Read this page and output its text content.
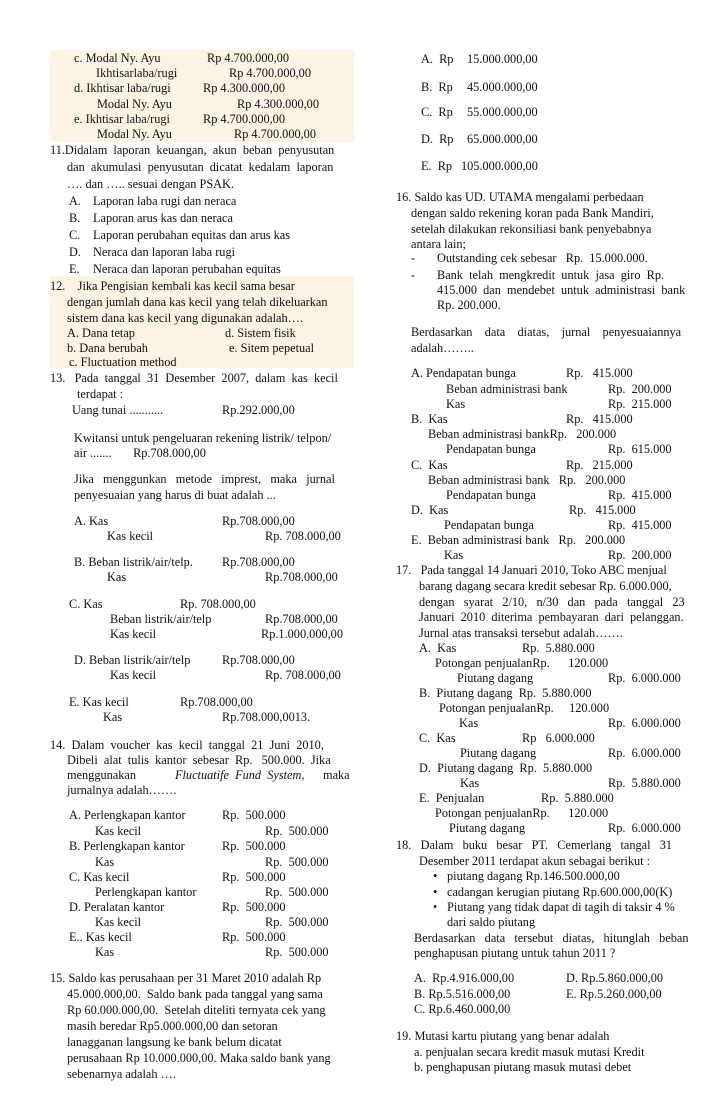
c. Modal Ny. Ayu	Rp 4.700.000,00
Ikhtisarlaba/rugi	Rp 4.700.000,00
d. Ikhtisar laba/rugi	Rp 4.300.000,00
Modal Ny. Ayu	Rp 4.300.000,00
e. Ikhtisar laba/rugi	Rp 4.700.000,00
Modal Ny. Ayu	Rp 4.700.000,00
11.Didalam  laporan  keuangan,  akun  beban  penyusutan
dan  akumulasi  penyusutan  dicatat  kedalam  laporan
…. dan ….. sesuai dengan PSAK.
A. Laporan laba rugi dan neraca
B. Laporan arus kas dan neraca
C. Laporan perubahan equitas dan arus kas
D. Neraca dan laporan laba rugi
E. Neraca dan laporan perubahan equitas
12.    Jika Pengisian kembali kas kecil sama besar
dengan jumlah dana kas kecil yang telah dikeluarkan
sistem dana kas kecil yang digunakan adalah….
A. Dana tetap	d. Sistem fisik
b. Dana berubah	e. Sitem pepetual
c. Fluctuation method
13.   Pada  tanggal  31  Desember  2007,  dalam  kas  kecil
terdapat :
Uang tunai ...........	Rp.292.000,00
Kwitansi untuk pengeluaran rekening listrik/ telpon/
air .......       Rp.708.000,00
Jika   menggunkan   metode   imprest,   maka   jurnal
penyesuaian yang harus di buat adalah ...
A. Kas	Rp.708.000,00
Kas kecil	Rp. 708.000,00
B. Beban listrik/air/telp. Rp.708.000,00
Kas	Rp.708.000,00
C. Kas	Rp. 708.000,00
Beban listrik/air/telp	Rp.708.000,00
Kas kecil	Rp.1.000.000,00
D. Beban listrik/air/telp	Rp.708.000,00
Kas kecil	Rp. 708.000,00
E. Kas kecil	Rp.708.000,00
Kas	Rp.708.000,0013.
14.  Dalam  voucher  kas  kecil  tanggal  21  Juni  2010,
Dibeli  alat  tulis  kantor  sebesar  Rp.   500.000.  Jika
menggunakan	Fluctuatife  Fund  System, maka
jurnalnya adalah…….
A. Perlengkapan kantor	Rp.  500.000
Kas kecil	Rp.  500.000
B. Perlengkapan kantor	Rp.  500.000
Kas	Rp.  500.000
C. Kas kecil	Rp.  500.000
Perlengkapan kantor	Rp.  500.000
D. Peralatan kantor	Rp.  500.000
Kas kecil	Rp.  500.000
E.. Kas kecil	Rp.  500.000
Kas	Rp.  500.000
15. Saldo kas perusahaan per 31 Maret 2010 adalah Rp
45.000.000,00.  Saldo bank pada tanggal yang sama
Rp 60.000.000,00.  Setelah diteliti ternyata cek yang
masih beredar Rp5.000.000,00 dan setoran
lanagganan langsung ke bank belum dicatat
perusahaan Rp 10.000.000,00. Maka saldo bank yang
sebenarnya adalah ….
A.  Rp 15.000.000,00
B.  Rp 45.000.000,00
C.  Rp 55.000.000,00
D.  Rp 65.000.000,00
E.  Rp 105.000.000,00
16. Saldo kas UD. UTAMA mengalami perbedaan
dengan saldo rekening koran pada Bank Mandiri,
setelah dilakukan rekonsiliasi bank penyebabnya
antara lain;
- Outstanding cek sebesar   Rp.  15.000.000.
- Bank  telah  mengkredit  untuk  jasa  giro  Rp.
415.000  dan  mendebet  untuk  administrasi  bank
Rp. 200.000.
Berdasarkan    data    diatas,    jurnal    penyesuaiannya
adalah……..
A. Pendapatan bunga	Rp.   415.000
Beban administrasi bank	Rp.  200.000
Kas	Rp.  215.000
B.  Kas	Rp.   415.000
Beban administrasi bankRp.   200.000
Pendapatan bunga	Rp.  615.000
C.  Kas	Rp.   215.000
Beban administrasi bank   Rp.   200.000
Pendapatan bunga	Rp.  415.000
D.  Kas	Rp.   415.000
Pendapatan bunga	Rp.  415.000
E.  Beban administrasi bank   Rp.   200.000
Kas	Rp.  200.000
17.   Pada tanggal 14 Januari 2010, Toko ABC menjual
barang dagang secara kredit sebesar Rp. 6.000.000,
dengan   syarat   2/10,   n/30   dan   pada   tanggal   23
Januari  2010  diterima  pembayaran  dari  pelanggan.
Jurnal atas transaksi tersebut adalah…….
A.  Kas	Rp.  5.880.000
Potongan penjualanRp.      120.000
Piutang dagang	Rp.  6.000.000
B.  Piutang dagang  Rp.  5.880.000
Potongan penjualanRp.     120.000
Kas	Rp.  6.000.000
C.  Kas	Rp   6.000.000
Piutang dagang	Rp.  6.000.000
D.  Piutang dagang  Rp.  5.880.000
Kas	Rp.  5.880.000
E.  Penjualan	Rp.  5.880.000
Potongan penjualanRp.      120.000
Piutang dagang	Rp.  6.000.000
18.   Dalam   buku   besar   PT.   Cemerlang   tangal   31
Desember 2011 terdapat akun sebagai berikut :
• piutang dagang Rp.146.500.000,00
• cadangan kerugian piutang Rp.600.000,00(K)
• Piutang yang tidak dapat di tagih di taksir 4 %
dari saldo piutang
Berdasarkan   data   tersebut   diatas,   hitunglah   beban
penghapusan piutang untuk tahun 2011 ?
A.  Rp.4.916.000,00	D. Rp.5.860.000,00
B. Rp.5.516.000,00	E. Rp.5.260.000,00
C. Rp.6.460.000,00
19. Mutasi kartu piutang yang benar adalah
a. penjualan secara kredit masuk mutasi Kredit
b. penghapusan piutang masuk mutasi debet
